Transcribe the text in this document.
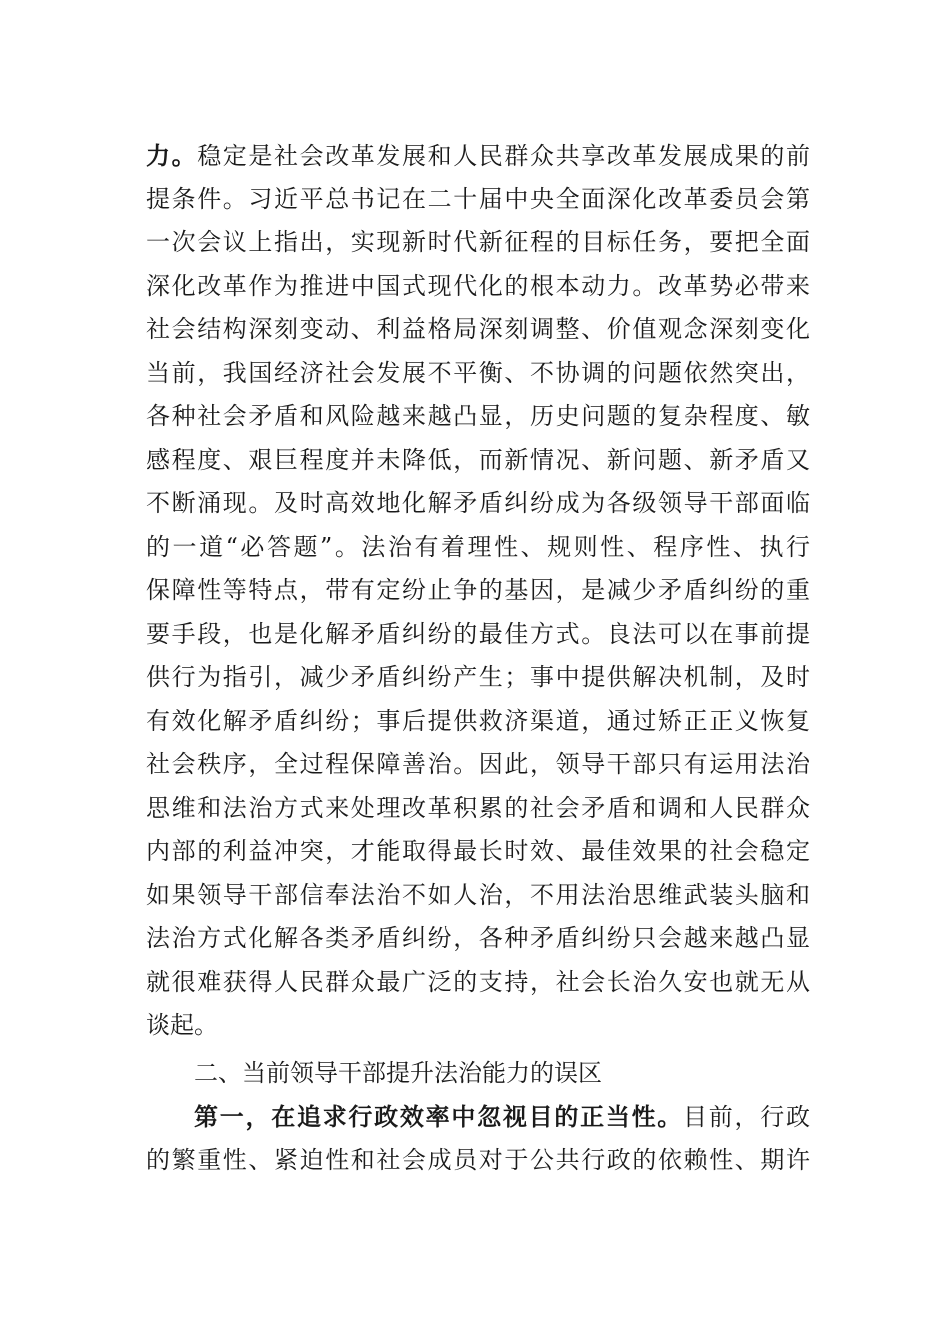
力。稳定是社会改革发展和人民群众共享改革发展成果的前
提条件。习近平总书记在二十届中央全面深化改革委员会第
一次会议上指出，实现新时代新征程的目标任务，要把全面
深化改革作为推进中国式现代化的根本动力。改革势必带来
社会结构深刻变动、利益格局深刻调整、价值观念深刻变化
当前，我国经济社会发展不平衡、不协调的问题依然突出，
各种社会矛盾和风险越来越凸显，历史问题的复杂程度、敏
感程度、艰巨程度并未降低，而新情况、新问题、新矛盾又
不断涌现。及时高效地化解矛盾纠纷成为各级领导干部面临
的一道“必答题”。法治有着理性、规则性、程序性、执行
保障性等特点，带有定纷止争的基因，是减少矛盾纠纷的重
要手段，也是化解矛盾纠纷的最佳方式。良法可以在事前提
供行为指引，减少矛盾纠纷产生；事中提供解决机制，及时
有效化解矛盾纠纷；事后提供救济渠道，通过矫正正义恢复
社会秩序，全过程保障善治。因此，领导干部只有运用法治
思维和法治方式来处理改革积累的社会矛盾和调和人民群众
内部的利益冲突，才能取得最长时效、最佳效果的社会稳定
如果领导干部信奉法治不如人治，不用法治思维武装头脑和
法治方式化解各类矛盾纠纷，各种矛盾纠纷只会越来越凸显
就很难获得人民群众最广泛的支持，社会长治久安也就无从
谈起。
二、当前领导干部提升法治能力的误区
第一，在追求行政效率中忽视目的正当性。目前，行政
的繁重性、紧迫性和社会成员对于公共行政的依赖性、期许
